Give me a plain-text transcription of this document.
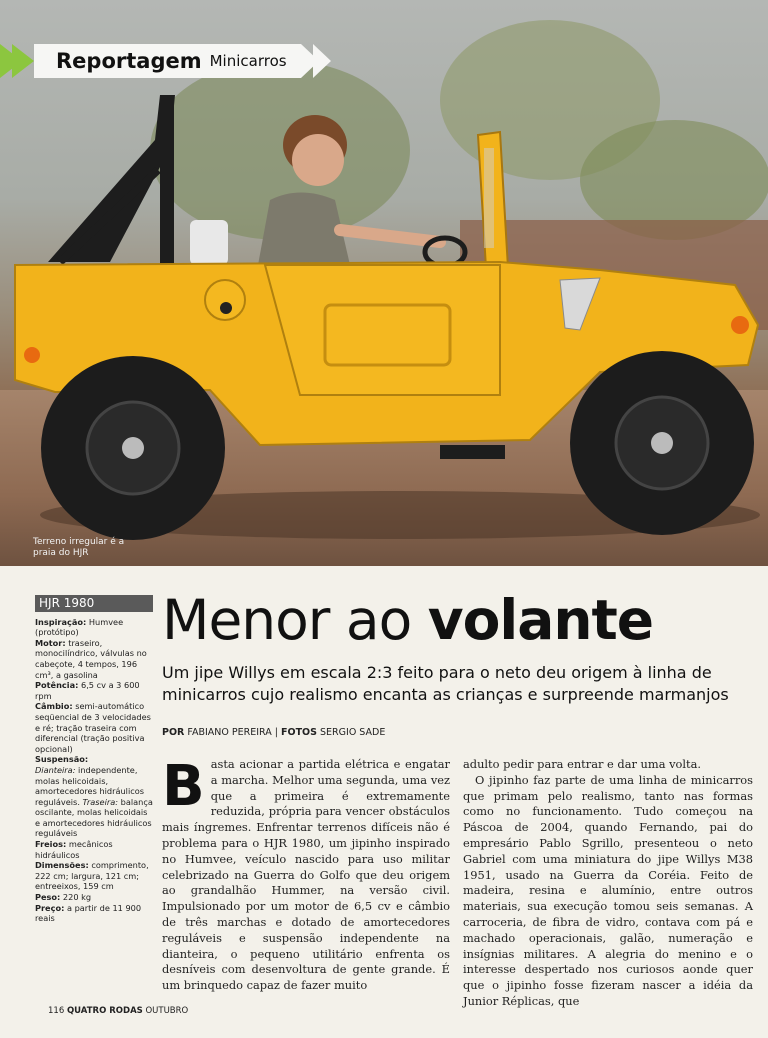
Reportagem Minicarros
Terreno irregular é a praia do HJR
HJR 1980
Inspiração: Humvee (protótipo)
Motor: traseiro, monocilíndrico, válvulas no cabeçote, 4 tempos, 196 cm³, a gasolina
Potência: 6,5 cv a 3 600 rpm
Câmbio: semi-automático seqüencial de 3 velocidades e ré; tração traseira com diferencial (tração positiva opcional)
Suspensão:
Dianteira: independente, molas helicoidais, amortecedores hidráulicos reguláveis. Traseira: balança oscilante, molas helicoidais e amortecedores hidráulicos reguláveis
Freios: mecânicos hidráulicos
Dimensões: comprimento, 222 cm; largura, 121 cm; entreeixos, 159 cm
Peso: 220 kg
Preço: a partir de 11 900 reais
Menor ao volante
Um jipe Willys em escala 2:3 feito para o neto deu origem à linha de minicarros cujo realismo encanta as crianças e surpreende marmanjos
POR FABIANO PEREIRA | FOTOS SERGIO SADE
Basta acionar a partida elétrica e engatar a marcha. Melhor uma segunda, uma vez que a primeira é extremamente reduzida, própria para vencer obstáculos mais íngremes. Enfrentar terrenos difíceis não é problema para o HJR 1980, um jipinho inspirado no Humvee, veículo nascido para uso militar celebrizado na Guerra do Golfo que deu origem ao grandalhão Hummer, na versão civil. Impulsionado por um motor de 6,5 cv e câmbio de três marchas e dotado de amortecedores reguláveis e suspensão independente na dianteira, o pequeno utilitário enfrenta os desníveis com desenvoltura de gente grande. É um brinquedo capaz de fazer muito
adulto pedir para entrar e dar uma volta.
O jipinho faz parte de uma linha de minicarros que primam pelo realismo, tanto nas formas como no funcionamento. Tudo começou na Páscoa de 2004, quando Fernando, pai do empresário Pablo Sgrillo, presenteou o neto Gabriel com uma miniatura do jipe Willys M38 1951, usado na Guerra da Coréia. Feito de madeira, resina e alumínio, entre outros materiais, sua execução tomou seis semanas. A carroceria, de fibra de vidro, contava com pá e machado operacionais, galão, numeração e insígnias militares. A alegria do menino e o interesse despertado nos curiosos aonde quer que o jipinho fosse fizeram nascer a idéia da Junior Réplicas, que
116 QUATRO RODAS OUTUBRO
